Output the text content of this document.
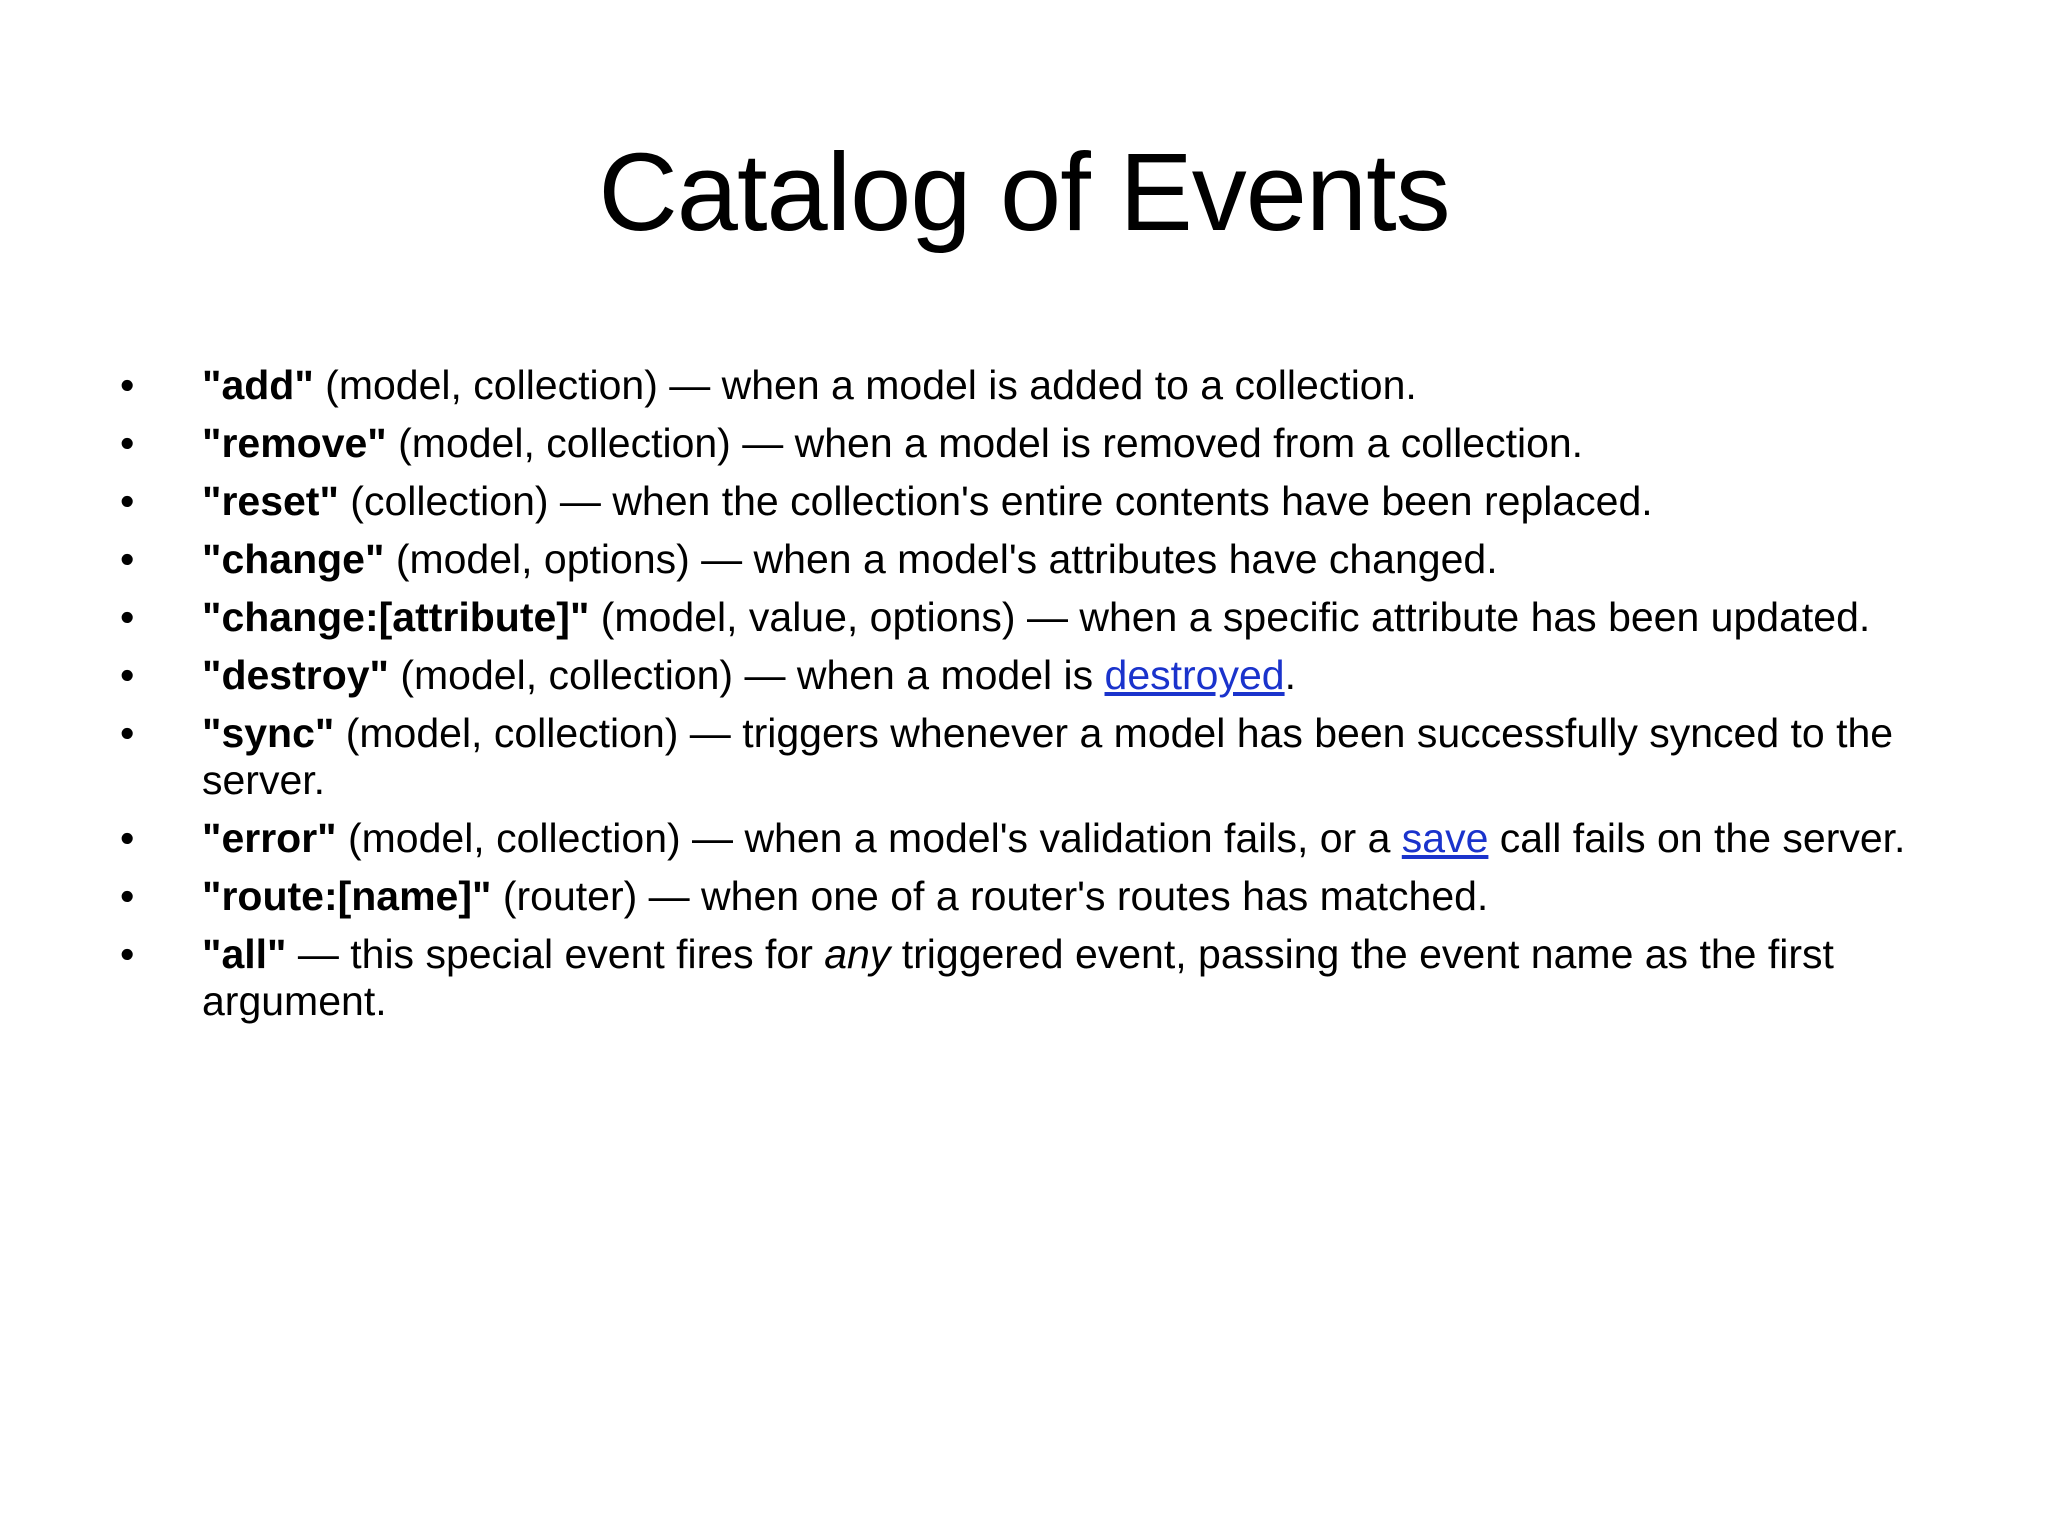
Catalog of Events
•	"add" (model, collection) — when a model is added to a collection.
•	"remove" (model, collection) — when a model is removed from a collection.
•	"reset" (collection) — when the collection's entire contents have been replaced.
•	"change" (model, options) — when a model's attributes have changed.
•	"change:[attribute]" (model, value, options) — when a specific attribute has been updated.
•	"destroy" (model, collection) — when a model is destroyed.
•	"sync" (model, collection) — triggers whenever a model has been successfully synced to the server.
•	"error" (model, collection) — when a model's validation fails, or a save call fails on the server.
•	"route:[name]" (router) — when one of a router's routes has matched.
•	"all" — this special event fires for any triggered event, passing the event name as the first argument.
